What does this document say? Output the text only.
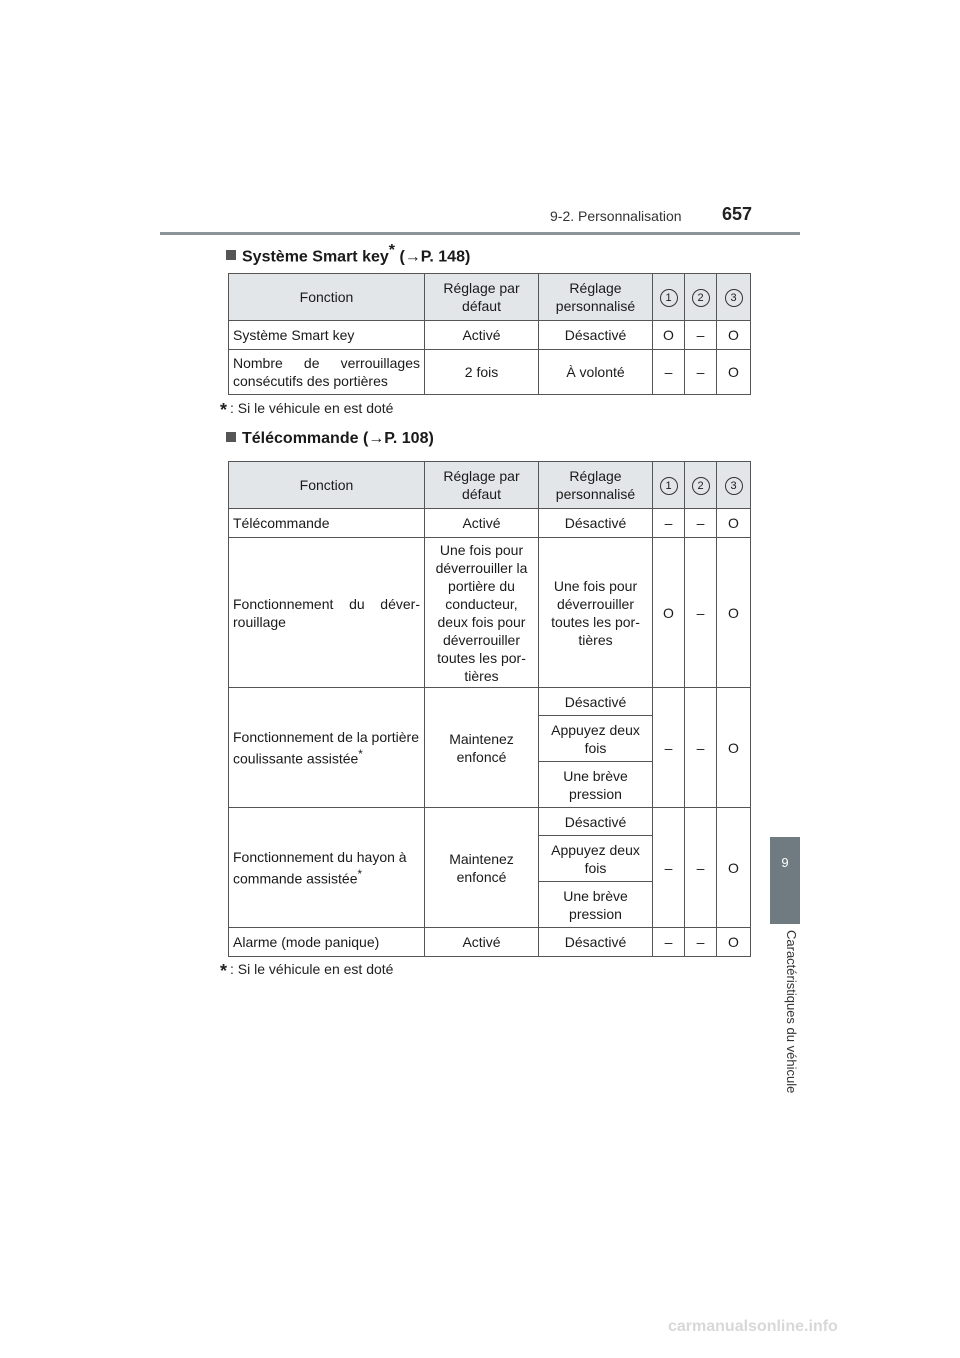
9-2. Personnalisation 657
9
Caractéristiques du véhicule
Système Smart key* (→P. 148)
Fonction	Réglage par défaut	Réglage personnalisé	1	2	3
Système Smart key	Activé	Désactivé	O	–	O
Nombre de verrouillages consécutifs des portières	2 fois	À volonté	–	–	O
* : Si le véhicule en est doté
Télécommande (→P. 108)
Fonction	Réglage par défaut	Réglage personnalisé	1	2	3
Télécommande	Activé	Désactivé	–	–	O
Fonctionnement du déver-rouillage	Une fois pour déverrouiller la portière du conducteur, deux fois pour déverrouiller toutes les por-tières	Une fois pour déverrouiller toutes les por-tières	O	–	O
Fonctionnement de la portière coulissante assistée*	Maintenez enfoncé	Désactivé	–	–	O
		Appuyez deux fois			
		Une brève pression			
Fonctionnement du hayon à commande assistée*	Maintenez enfoncé	Désactivé	–	–	O
		Appuyez deux fois			
		Une brève pression			
Alarme (mode panique)	Activé	Désactivé	–	–	O
* : Si le véhicule en est doté
carmanualsonline.info
